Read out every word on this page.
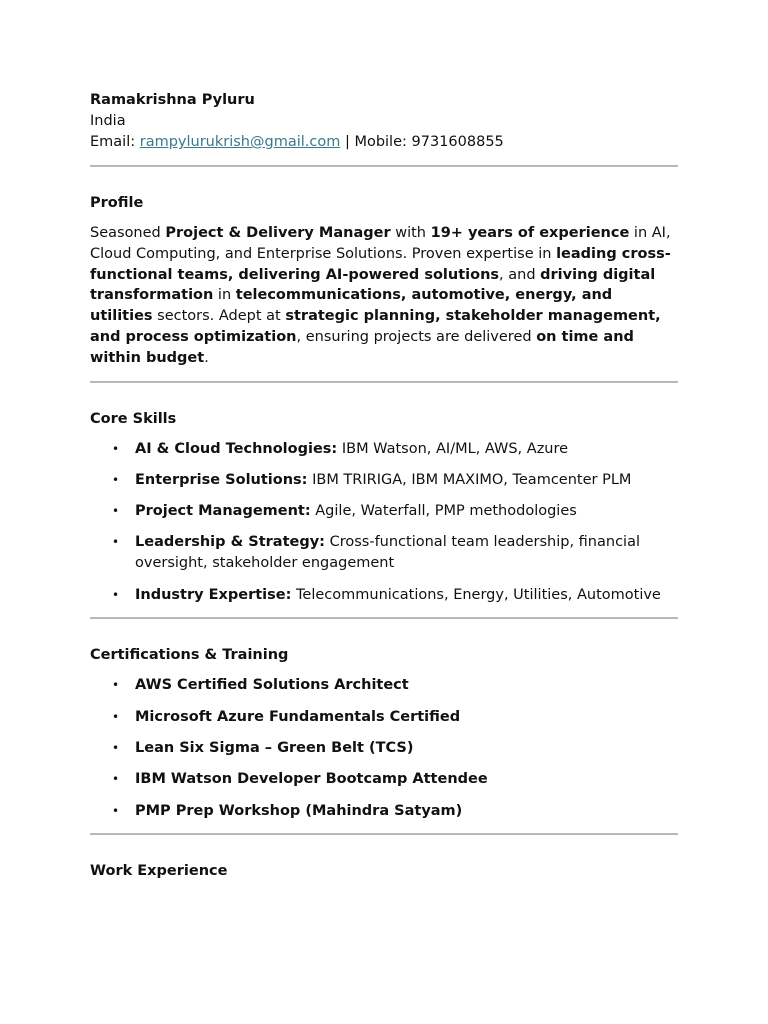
Ramakrishna Pyluru
India
Email: rampylurukrish@gmail.com | Mobile: 9731608855
Profile
Seasoned Project & Delivery Manager with 19+ years of experience in AI, Cloud Computing, and Enterprise Solutions. Proven expertise in leading cross-functional teams, delivering AI-powered solutions, and driving digital transformation in telecommunications, automotive, energy, and utilities sectors. Adept at strategic planning, stakeholder management, and process optimization, ensuring projects are delivered on time and within budget.
Core Skills
• AI & Cloud Technologies: IBM Watson, AI/ML, AWS, Azure
• Enterprise Solutions: IBM TRIRIGA, IBM MAXIMO, Teamcenter PLM
• Project Management: Agile, Waterfall, PMP methodologies
• Leadership & Strategy: Cross-functional team leadership, financial oversight, stakeholder engagement
• Industry Expertise: Telecommunications, Energy, Utilities, Automotive
Certifications & Training
• AWS Certified Solutions Architect
• Microsoft Azure Fundamentals Certified
• Lean Six Sigma – Green Belt (TCS)
• IBM Watson Developer Bootcamp Attendee
• PMP Prep Workshop (Mahindra Satyam)
Work Experience
